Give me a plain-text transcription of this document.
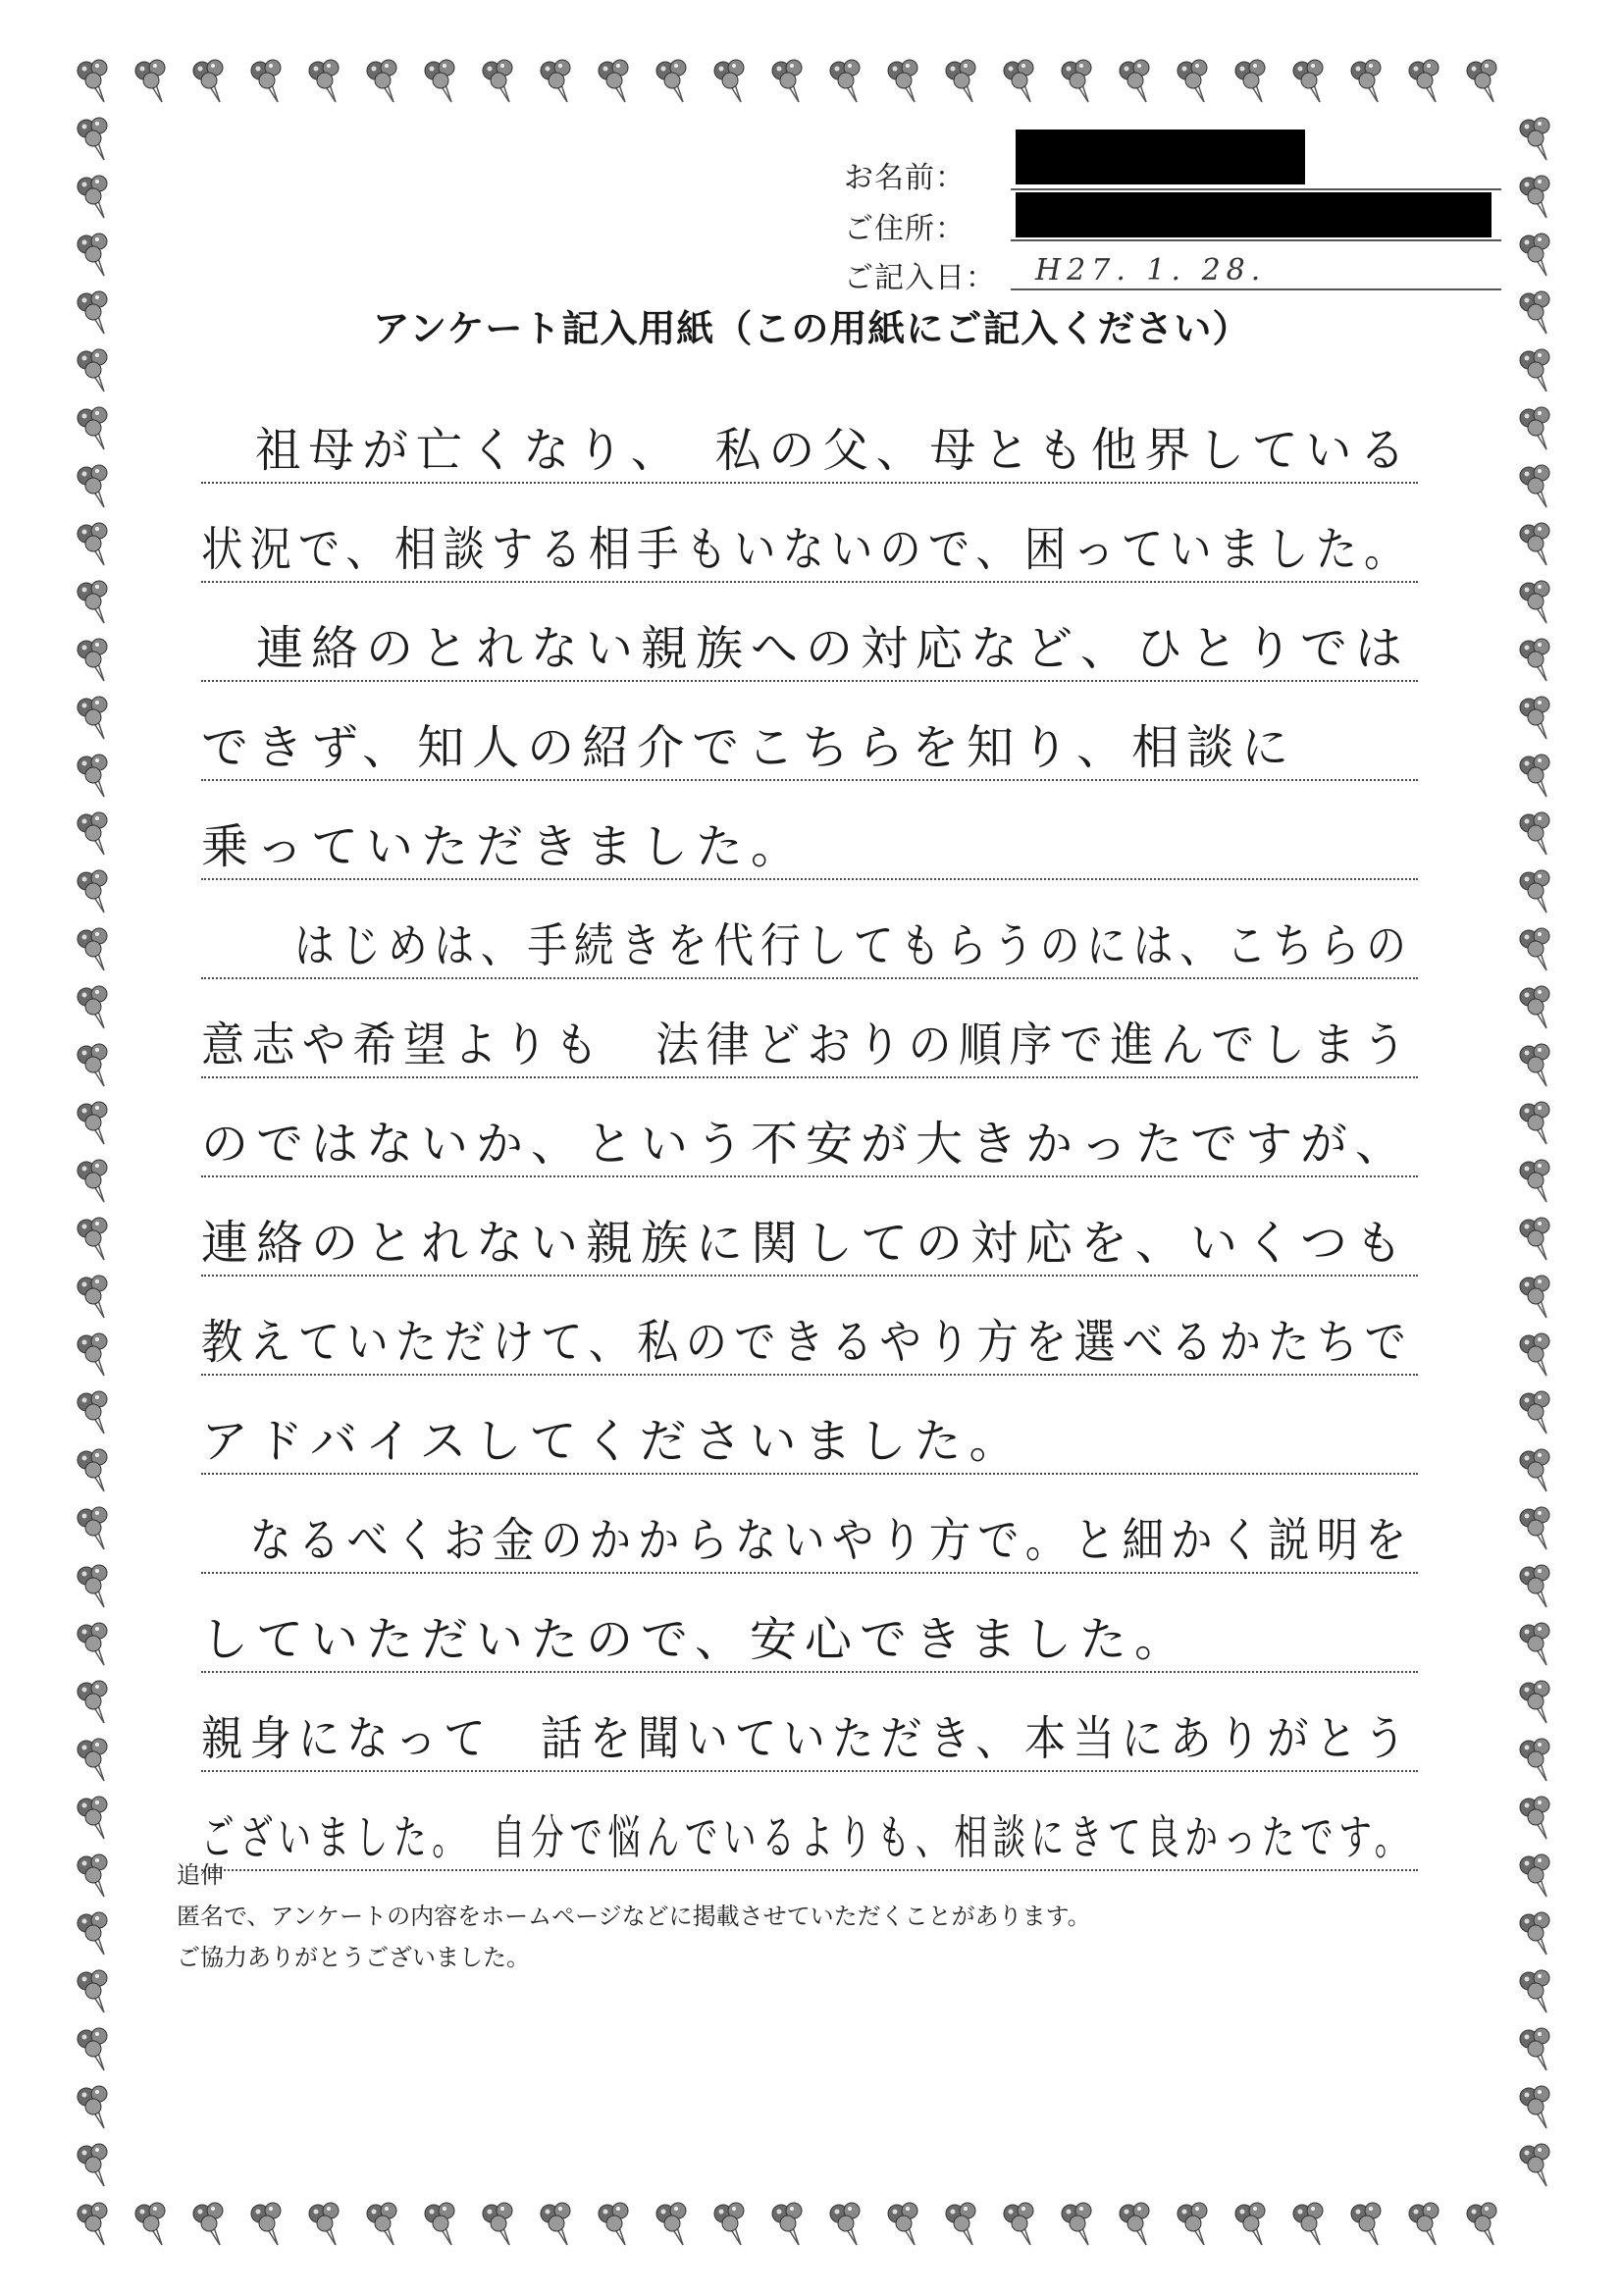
お名前：
ご住所：
ご記入日：	H27. 1. 28.
アンケート記入用紙（この用紙にご記入ください）
　祖母が亡くなり、　私の父、母とも他界している
状況で、相談する相手もいないので、困っていました。
　連絡のとれない親族への対応など、ひとりでは
できず、知人の紹介でこちらを知り、相談に
乗っていただきました。
　　はじめは、手続きを代行してもらうのには、こちらの
意志や希望よりも　法律どおりの順序で進んでしまう
のではないか、という不安が大きかったですが、
連絡のとれない親族に関しての対応を、いくつも
教えていただけて、私のできるやり方を選べるかたちで
アドバイスしてくださいました。
　なるべくお金のかからないやり方で。と細かく説明を
していただいたので、安心できました。
親身になって　話を聞いていただき、本当にありがとう
ございました。　自分で悩んでいるよりも、相談にきて良かったです。
追伸
匿名で、アンケートの内容をホームページなどに掲載させていただくことがあります。
ご協力ありがとうございました。
